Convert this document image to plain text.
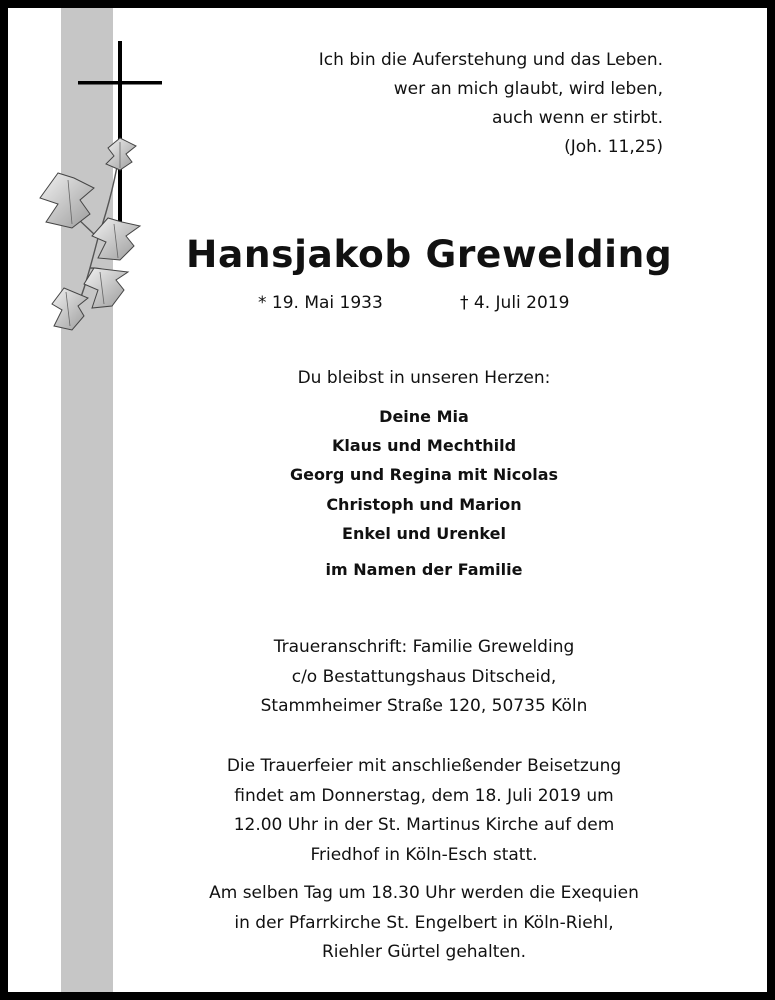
Ich bin die Auferstehung und das Leben.

wer an mich glaubt, wird leben,

auch wenn er stirbt.

(Joh. 11,25)

Hansjakob Grewelding
* 19. Mai 1933	† 4. Juli 2019
Du bleibst in unseren Herzen:

Deine Mia

Klaus und Mechthild

Georg und Regina mit Nicolas

Christoph und Marion

Enkel und Urenkel

im Namen der Familie

Traueranschrift: Familie Grewelding

c/o Bestattungshaus Ditscheid,

Stammheimer Straße 120, 50735 Köln

Die Trauerfeier mit anschließender Beisetzung

findet am Donnerstag, dem 18. Juli 2019 um

12.00 Uhr in der St. Martinus Kirche auf dem

Friedhof in Köln-Esch statt.

Am selben Tag um 18.30 Uhr werden die Exequien

in der Pfarrkirche St. Engelbert in Köln-Riehl,

Riehler Gürtel gehalten.
